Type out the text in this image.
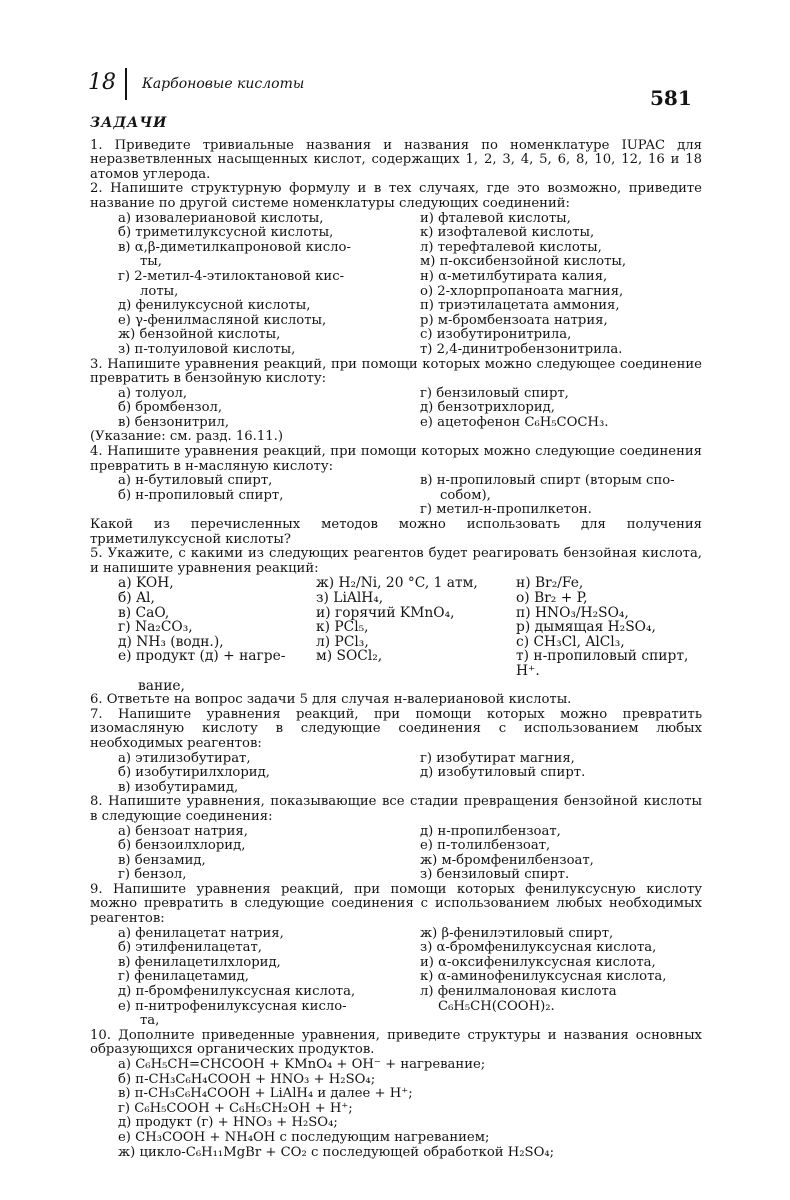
18 Карбоновые кислоты
581
ЗАДАЧИ
1. Приведите тривиальные названия и названия по номенклатуре IUPAC для неразветвленных насыщенных кислот, содержащих 1, 2, 3, 4, 5, 6, 8, 10, 12, 16 и 18 атомов углерода.
2. Напишите структурную формулу и в тех случаях, где это возможно, приведите название по другой системе номенклатуры следующих соединений:
а) изовалериановой кислоты,	и) фталевой кислоты,
б) триметилуксусной кислоты,	к) изофталевой кислоты,
в) α,β-диметилкапроновой кисло-	л) терефталевой кислоты,
ты,	м) п-оксибензойной кислоты,
г) 2-метил-4-этилоктановой кис-	н) α-метилбутирата калия,
лоты,	о) 2-хлорпропаноата магния,
д) фенилуксусной кислоты,	п) триэтилацетата аммония,
е) γ-фенилмасляной кислоты,	р) м-бромбензоата натрия,
ж) бензойной кислоты,	с) изобутиронитрила,
з) п-толуиловой кислоты,	т) 2,4-динитробензонитрила.
3. Напишите уравнения реакций, при помощи которых можно следующее соединение превратить в бензойную кислоту:
а) толуол,	г) бензиловый спирт,
б) бромбензол,	д) бензотрихлорид,
в) бензонитрил,	е) ацетофенон C₆H₅COCH₃.
(Указание: см. разд. 16.11.)
4. Напишите уравнения реакций, при помощи которых можно следующие соединения превратить в н-масляную кислоту:
а) н-бутиловый спирт,	в) н-пропиловый спирт (вторым спо-
б) н-пропиловый спирт,	собом),
г) метил-н-пропилкетон.
Какой из перечисленных методов можно использовать для получения триметилуксусной кислоты?
5. Укажите, с какими из следующих реагентов будет реагировать бензойная кислота, и напишите уравнения реакций:
а) KOH,	ж) H₂/Ni, 20 °C, 1 атм,	н) Br₂/Fe,
б) Al,	з) LiAlH₄,	о) Br₂ + P,
в) CaO,	и) горячий KMnO₄,	п) HNO₃/H₂SO₄,
г) Na₂CO₃,	к) PCl₅,	р) дымящая H₂SO₄,
д) NH₃ (водн.),	л) PCl₃,	с) CH₃Cl, AlCl₃,
е) продукт (д) + нагре-	м) SOCl₂,	т) н-пропиловый спирт, H⁺.
вание,
6. Ответьте на вопрос задачи 5 для случая н-валериановой кислоты.
7. Напишите уравнения реакций, при помощи которых можно превратить изомасляную кислоту в следующие соединения с использованием любых необходимых реагентов:
а) этилизобутират,	г) изобутират магния,
б) изобутирилхлорид,	д) изобутиловый спирт.
в) изобутирамид,
8. Напишите уравнения, показывающие все стадии превращения бензойной кислоты в следующие соединения:
а) бензоат натрия,	д) н-пропилбензоат,
б) бензоилхлорид,	е) п-толилбензоат,
в) бензамид,	ж) м-бромфенилбензоат,
г) бензол,	з) бензиловый спирт.
9. Напишите уравнения реакций, при помощи которых фенилуксусную кислоту можно превратить в следующие соединения с использованием любых необходимых реагентов:
а) фенилацетат натрия,	ж) β-фенилэтиловый спирт,
б) этилфенилацетат,	з) α-бромфенилуксусная кислота,
в) фенилацетилхлорид,	и) α-оксифенилуксусная кислота,
г) фенилацетамид,	к) α-аминофенилуксусная кислота,
д) п-бромфенилуксусная кислота,	л) фенилмалоновая кислота
е) п-нитрофенилуксусная кисло-	C₆H₅CH(COOH)₂.
та,
10. Дополните приведенные уравнения, приведите структуры и названия основных образующихся органических продуктов.
а) C₆H₅CH=CHCOOH + KMnO₄ + OH⁻ + нагревание;
б) п-CH₃C₆H₄COOH + HNO₃ + H₂SO₄;
в) п-CH₃C₆H₄COOH + LiAlH₄ и далее + H⁺;
г) C₆H₅COOH + C₆H₅CH₂OH + H⁺;
д) продукт (г) + HNO₃ + H₂SO₄;
е) CH₃COOH + NH₄OH с последующим нагреванием;
ж) цикло-C₆H₁₁MgBr + CO₂ с последующей обработкой H₂SO₄;
